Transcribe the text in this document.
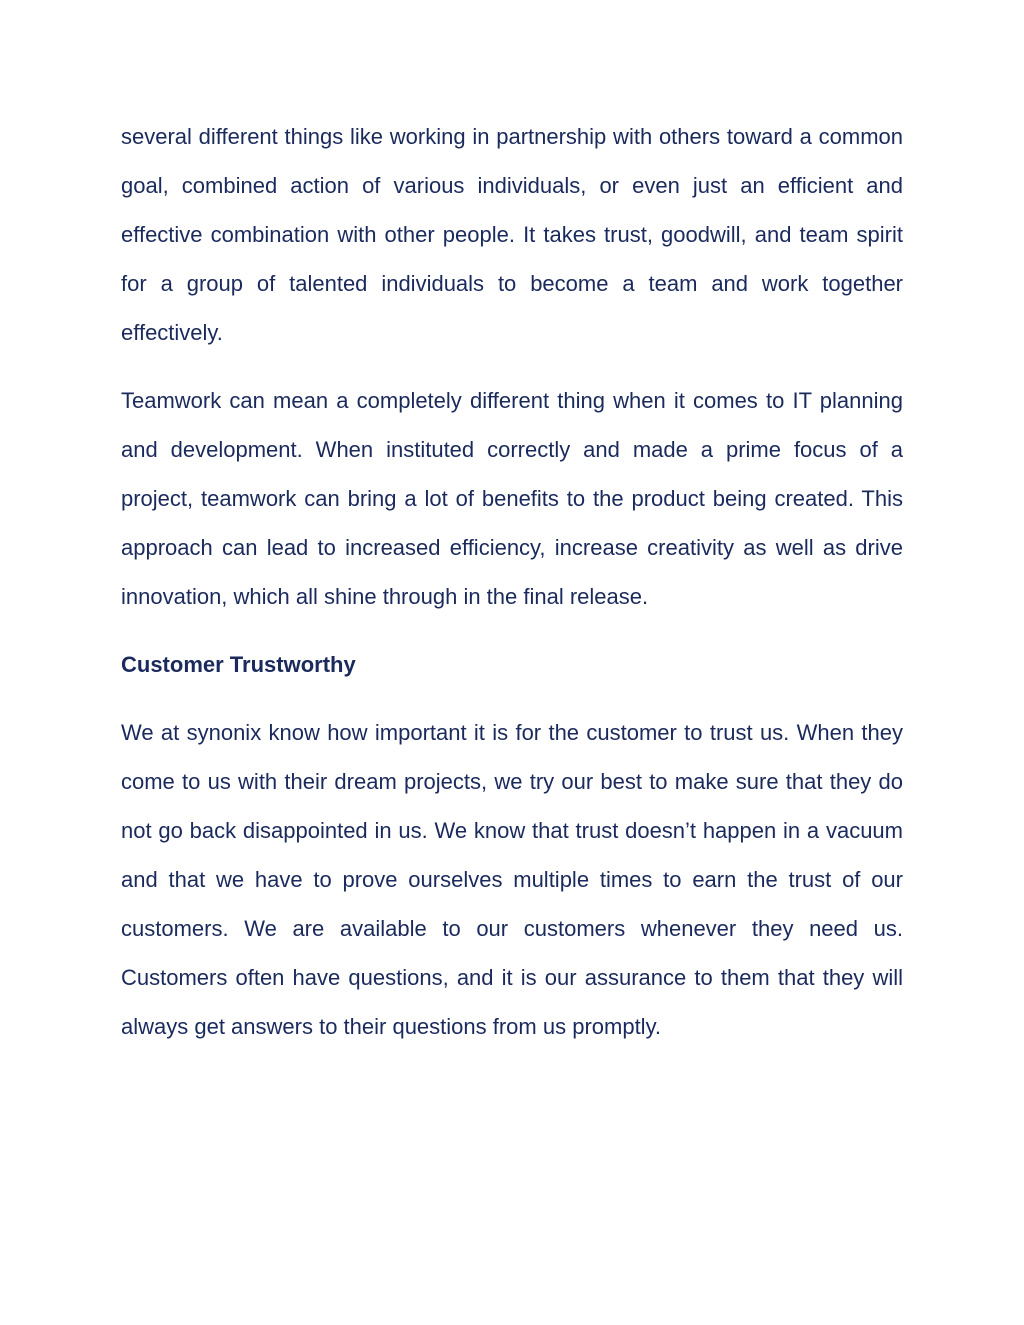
several different things like working in partnership with others toward a common goal, combined action of various individuals, or even just an efficient and effective combination with other people. It takes trust, goodwill, and team spirit for a group of talented individuals to become a team and work together effectively.

Teamwork can mean a completely different thing when it comes to IT planning and development. When instituted correctly and made a prime focus of a project, teamwork can bring a lot of benefits to the product being created. This approach can lead to increased efficiency, increase creativity as well as drive innovation, which all shine through in the final release.

Customer Trustworthy

We at synonix know how important it is for the customer to trust us. When they come to us with their dream projects, we try our best to make sure that they do not go back disappointed in us. We know that trust doesn’t happen in a vacuum and that we have to prove ourselves multiple times to earn the trust of our customers. We are available to our customers whenever they need us. Customers often have questions, and it is our assurance to them that they will always get answers to their questions from us promptly.
